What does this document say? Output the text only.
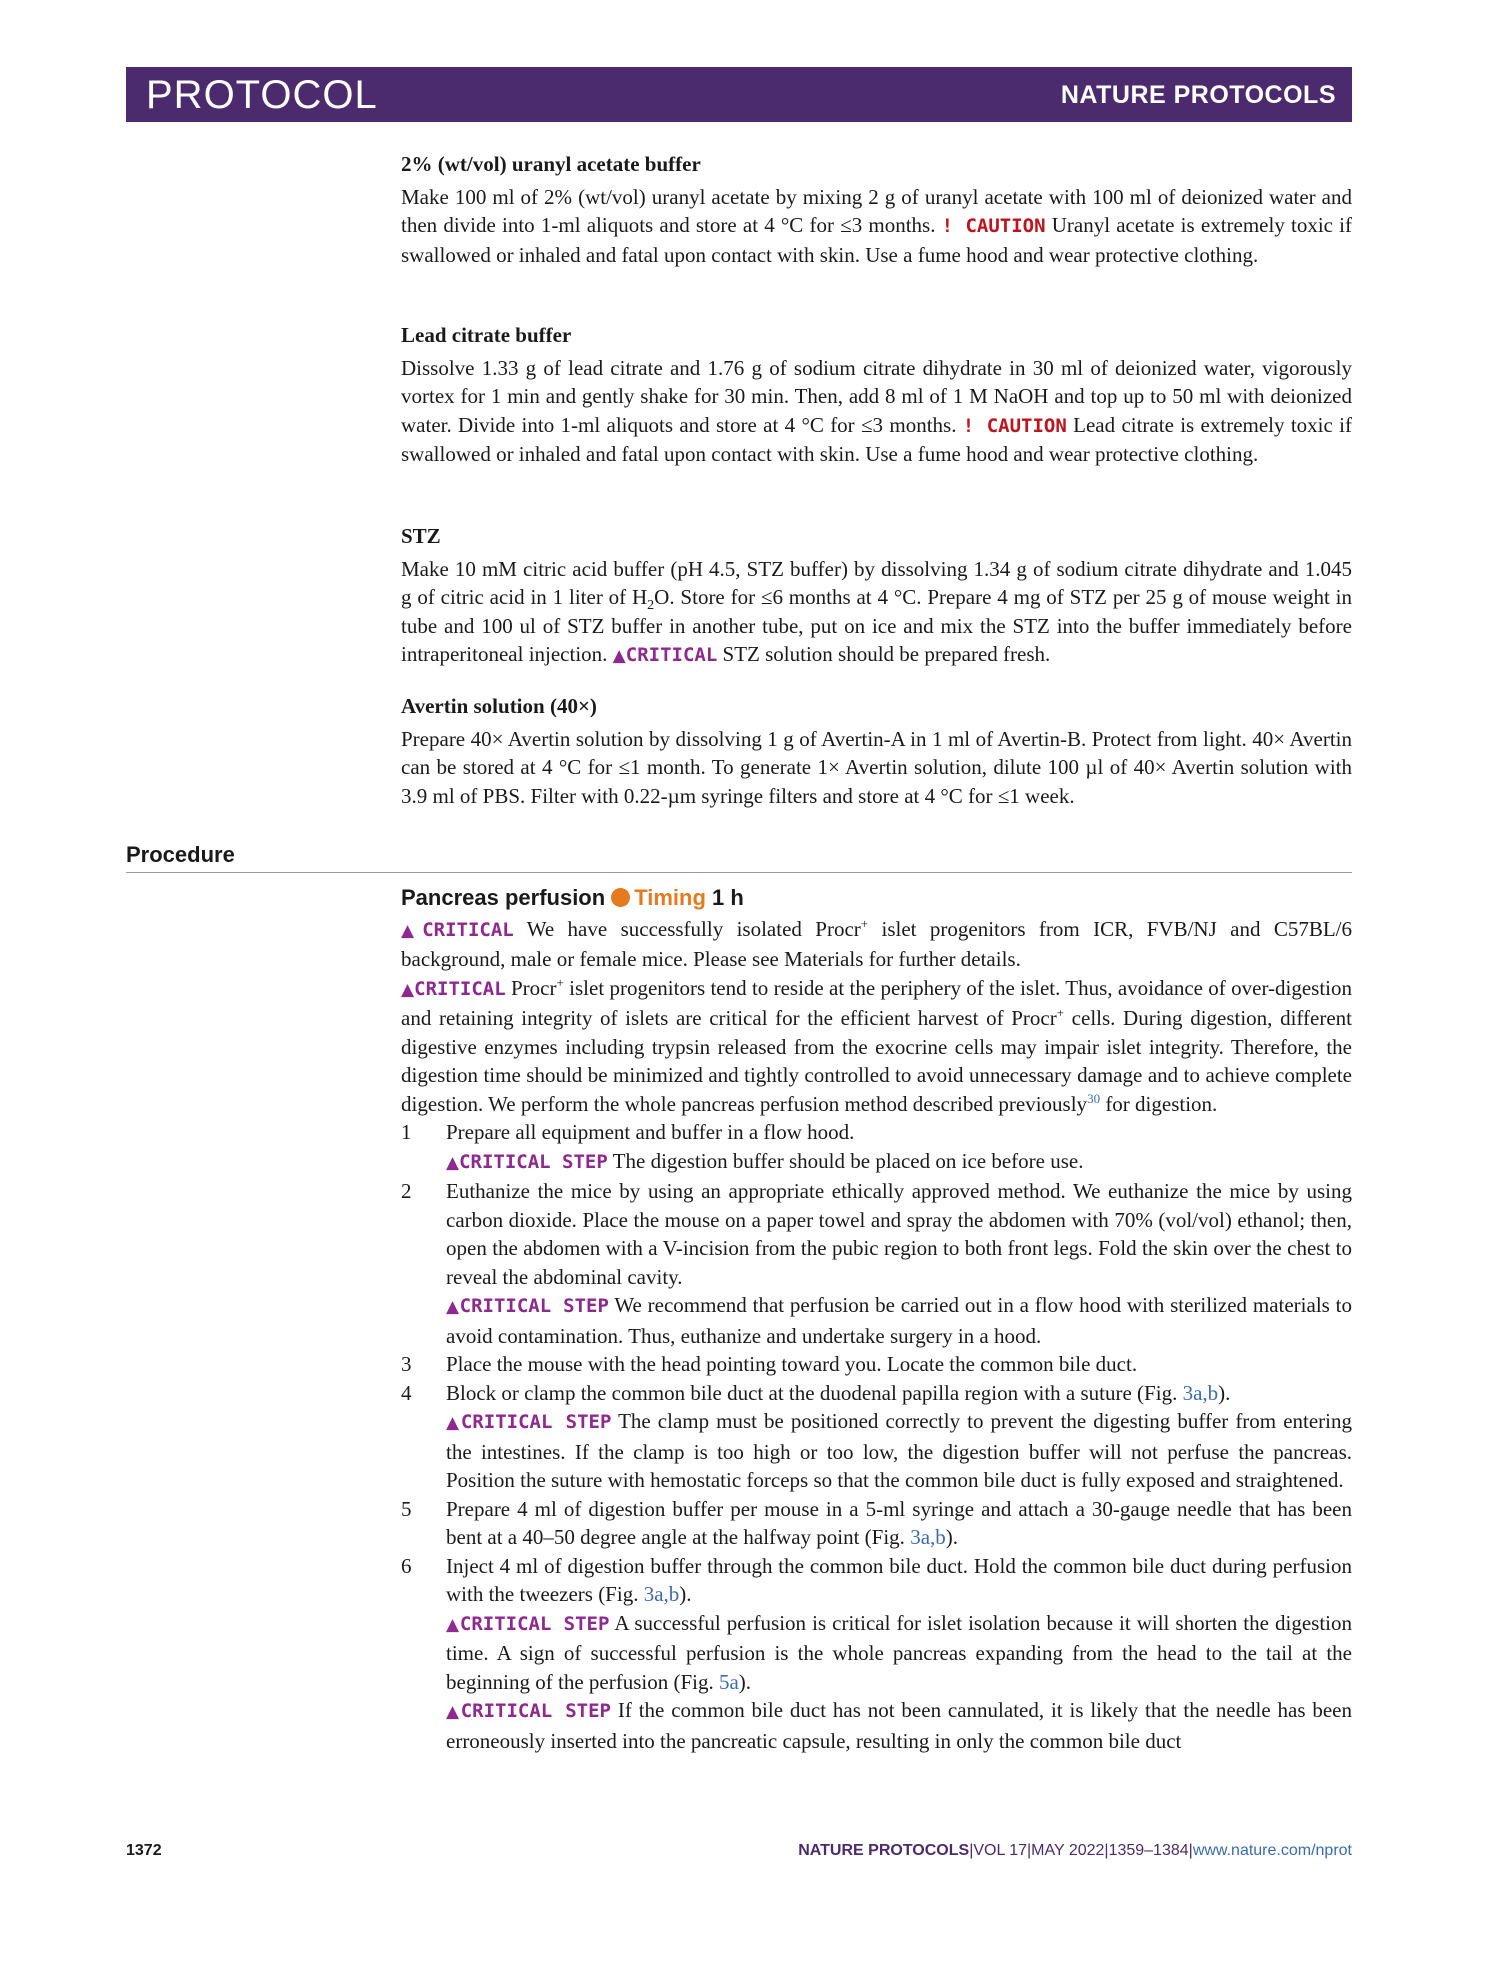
PROTOCOL	NATURE PROTOCOLS
2% (wt/vol) uranyl acetate buffer

Make 100 ml of 2% (wt/vol) uranyl acetate by mixing 2 g of uranyl acetate with 100 ml of deionized water and then divide into 1-ml aliquots and store at 4 °C for ≤3 months. ! CAUTION Uranyl acetate is extremely toxic if swallowed or inhaled and fatal upon contact with skin. Use a fume hood and wear protective clothing.

Lead citrate buffer

Dissolve 1.33 g of lead citrate and 1.76 g of sodium citrate dihydrate in 30 ml of deionized water, vigorously vortex for 1 min and gently shake for 30 min. Then, add 8 ml of 1 M NaOH and top up to 50 ml with deionized water. Divide into 1-ml aliquots and store at 4 °C for ≤3 months. ! CAUTION Lead citrate is extremely toxic if swallowed or inhaled and fatal upon contact with skin. Use a fume hood and wear protective clothing.

STZ

Make 10 mM citric acid buffer (pH 4.5, STZ buffer) by dissolving 1.34 g of sodium citrate dihydrate and 1.045 g of citric acid in 1 liter of $H_2O$. Store for ≤6 months at 4 °C. Prepare 4 mg of STZ per 25 g of mouse weight in tube and 100 ul of STZ buffer in another tube, put on ice and mix the STZ into the buffer immediately before intraperitoneal injection. ▲CRITICAL STZ solution should be prepared fresh.

Avertin solution (40×)

Prepare 40× Avertin solution by dissolving 1 g of Avertin-A in 1 ml of Avertin-B. Protect from light. 40× Avertin can be stored at 4 °C for ≤1 month. To generate 1× Avertin solution, dilute 100 µl of 40× Avertin solution with 3.9 ml of PBS. Filter with 0.22-µm syringe filters and store at 4 °C for ≤1 week.

Procedure
Pancreas perfusion Timing 1 h

▲CRITICAL We have successfully isolated Procr+ islet progenitors from ICR, FVB/NJ and C57BL/6 background, male or female mice. Please see Materials for further details.

▲CRITICAL Procr+ islet progenitors tend to reside at the periphery of the islet. Thus, avoidance of over-digestion and retaining integrity of islets are critical for the efficient harvest of Procr+ cells. During digestion, different digestive enzymes including trypsin released from the exocrine cells may impair islet integrity. Therefore, the digestion time should be minimized and tightly controlled to avoid unnecessary damage and to achieve complete digestion. We perform the whole pancreas perfusion method described previously$^{30}$ for digestion.

1 Prepare all equipment and buffer in a flow hood.
▲CRITICAL STEP The digestion buffer should be placed on ice before use.
2 Euthanize the mice by using an appropriate ethically approved method. We euthanize the mice by using carbon dioxide. Place the mouse on a paper towel and spray the abdomen with 70% (vol/vol) ethanol; then, open the abdomen with a V-incision from the pubic region to both front legs. Fold the skin over the chest to reveal the abdominal cavity.
▲CRITICAL STEP We recommend that perfusion be carried out in a flow hood with sterilized materials to avoid contamination. Thus, euthanize and undertake surgery in a hood.
3 Place the mouse with the head pointing toward you. Locate the common bile duct.
4 Block or clamp the common bile duct at the duodenal papilla region with a suture (Fig. 3a,b).
▲CRITICAL STEP The clamp must be positioned correctly to prevent the digesting buffer from entering the intestines. If the clamp is too high or too low, the digestion buffer will not perfuse the pancreas. Position the suture with hemostatic forceps so that the common bile duct is fully exposed and straightened.
5 Prepare 4 ml of digestion buffer per mouse in a 5-ml syringe and attach a 30-gauge needle that has been bent at a 40–50 degree angle at the halfway point (Fig. 3a,b).
6 Inject 4 ml of digestion buffer through the common bile duct. Hold the common bile duct during perfusion with the tweezers (Fig. 3a,b).
▲CRITICAL STEP A successful perfusion is critical for islet isolation because it will shorten the digestion time. A sign of successful perfusion is the whole pancreas expanding from the head to the tail at the beginning of the perfusion (Fig. 5a).
▲CRITICAL STEP If the common bile duct has not been cannulated, it is likely that the needle has been erroneously inserted into the pancreatic capsule, resulting in only the common bile duct
1372	NATURE PROTOCOLS|VOL 17|MAY 2022|1359–1384|www.nature.com/nprot
